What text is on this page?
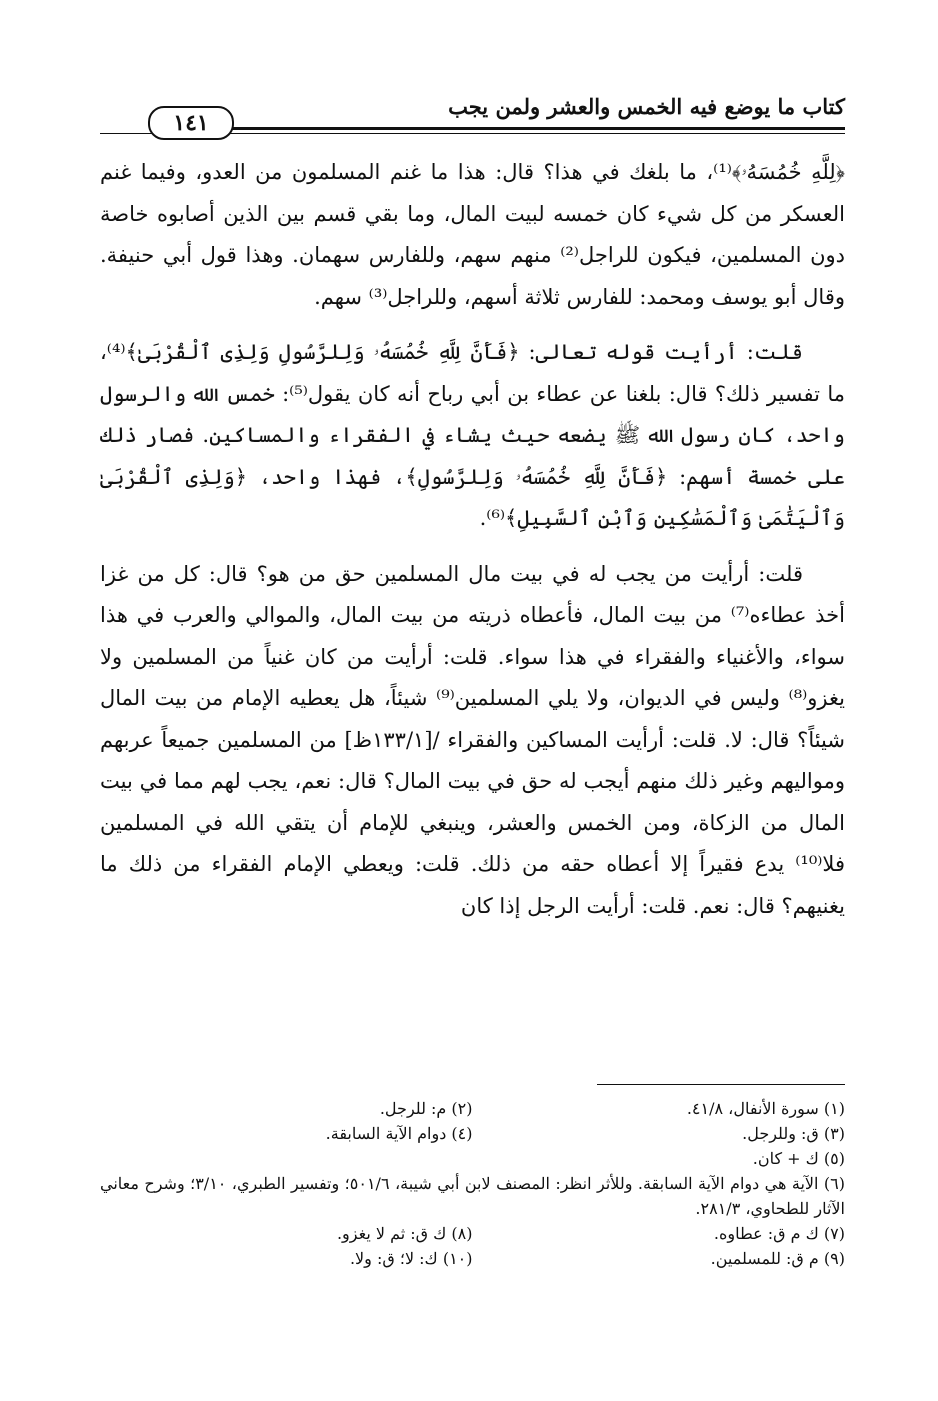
كتاب ما يوضع فيه الخمس والعشر ولمن يجب
١٤١

﴿لِلَّهِ خُمُسَهُۥ﴾⁽¹⁾، ما بلغك في هذا؟ قال: هذا ما غنم المسلمون من العدو، وفيما غنم العسكر من كل شيء كان خمسه لبيت المال، وما بقي قسم بين الذين أصابوه خاصة دون المسلمين، فيكون للراجل⁽²⁾ منهم سهم، وللفارس سهمان. وهذا قول أبي حنيفة. وقال أبو يوسف ومحمد: للفارس ثلاثة أسهم، وللراجل⁽³⁾ سهم.

قلت: أرأيت قوله تعالى: ﴿فَأَنَّ لِلَّهِ خُمُسَهُۥ وَلِلرَّسُولِ وَلِذِى ٱلْقُرْبَىٰ﴾⁽⁴⁾، ما تفسير ذلك؟ قال: بلغنا عن عطاء بن أبي رباح أنه كان يقول⁽⁵⁾: خمس الله والرسول واحد، كان رسول الله ﷺ يضعه حيث يشاء في الفقراء والمساكين. فصار ذلك على خمسة أسهم: ﴿فَأَنَّ لِلَّهِ خُمُسَهُۥ وَلِلرَّسُولِ﴾، فهذا واحد، ﴿وَلِذِى ٱلْقُرْبَىٰ وَٱلْيَتَٰمَىٰ وَٱلْمَسَٰكِينِ وَٱبْنِ ٱلسَّبِيلِ﴾⁽⁶⁾.

قلت: أرأيت من يجب له في بيت مال المسلمين حق من هو؟ قال: كل من غزا أخذ عطاءه⁽⁷⁾ من بيت المال، فأعطاه ذريته من بيت المال، والموالي والعرب في هذا سواء، والأغنياء والفقراء في هذا سواء. قلت: أرأيت من كان غنياً من المسلمين ولا يغزو⁽⁸⁾ وليس في الديوان، ولا يلي المسلمين⁽⁹⁾ شيئاً، هل يعطيه الإمام من بيت المال شيئاً؟ قال: لا. قلت: أرأيت المساكين والفقراء /[١٣٣/١ظ] من المسلمين جميعاً عربهم ومواليهم وغير ذلك منهم أيجب له حق في بيت المال؟ قال: نعم، يجب لهم مما في بيت المال من الزكاة، ومن الخمس والعشر، وينبغي للإمام أن يتقي الله في المسلمين فلا⁽¹⁰⁾ يدع فقيراً إلا أعطاه حقه من ذلك. قلت: ويعطي الإمام الفقراء من ذلك ما يغنيهم؟ قال: نعم. قلت: أرأيت الرجل إذا كان

(١) سورة الأنفال، ٤١/٨.
(٢) م: للرجل.
(٣) ق: وللرجل.
(٤) دوام الآية السابقة.
(٥) ك + كان.
(٦) الآية هي دوام الآية السابقة. وللأثر انظر: المصنف لابن أبي شيبة، ٥٠١/٦؛ وتفسير الطبري، ٣/١٠؛ وشرح معاني الآثار للطحاوي، ٢٨١/٣.
(٧) ك م ق: عطاوه.
(٨) ك ق: ثم لا يغزو.
(٩) م ق: للمسلمين.
(١٠) ك: لا؛ ق: ولا.
